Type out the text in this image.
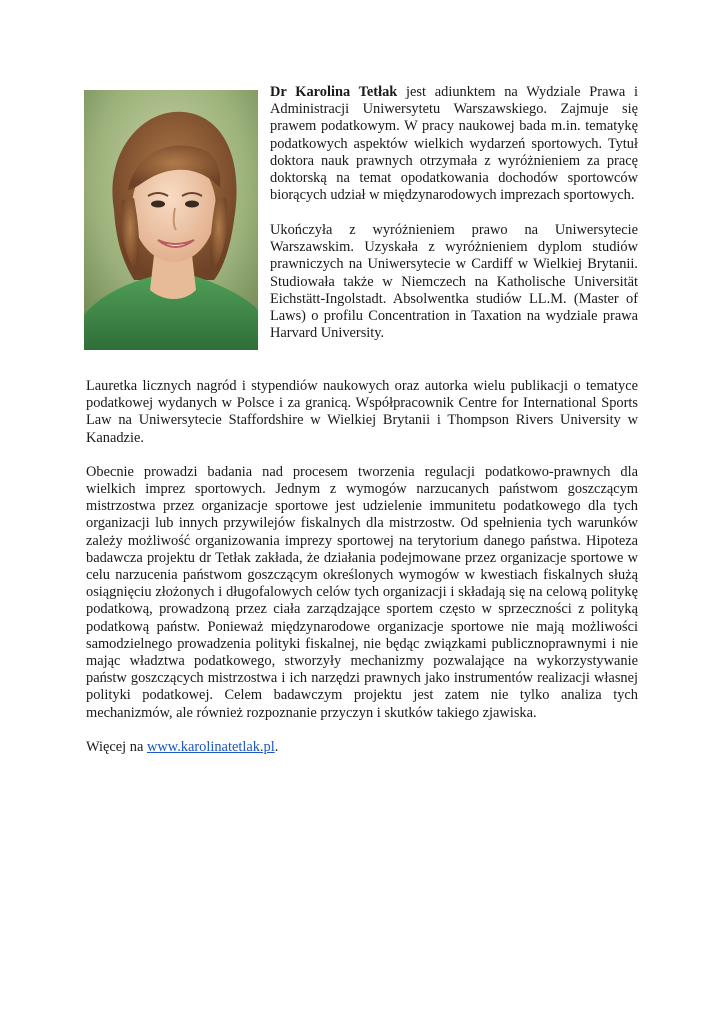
Dr Karolina Tetłak jest adiunktem na Wydziale Prawa i Administracji Uniwersytetu Warszawskiego. Zajmuje się prawem podatkowym. W pracy naukowej bada m.in. tematykę podatkowych aspektów wielkich wydarzeń sportowych. Tytuł doktora nauk prawnych otrzymała z wyróżnieniem za pracę doktorską na temat opodatkowania dochodów sportowców biorących udział w międzynarodowych imprezach sportowych.

Ukończyła z wyróżnieniem prawo na Uniwersytecie Warszawskim. Uzyskała z wyróżnieniem dyplom studiów prawniczych na Uniwersytecie w Cardiff w Wielkiej Brytanii. Studiowała także w Niemczech na Katholische Universität Eichstätt-Ingolstadt. Absolwentka studiów LL.M. (Master of Laws) o profilu Concentration in Taxation na wydziale prawa Harvard University.

Lauretka licznych nagród i stypendiów naukowych oraz autorka wielu publikacji o tematyce podatkowej wydanych w Polsce i za granicą. Współpracownik Centre for International Sports Law na Uniwersytecie Staffordshire w Wielkiej Brytanii i Thompson Rivers University w Kanadzie.

Obecnie prowadzi badania nad procesem tworzenia regulacji podatkowo-prawnych dla wielkich imprez sportowych. Jednym z wymogów narzucanych państwom goszczącym mistrzostwa przez organizacje sportowe jest udzielenie immunitetu podatkowego dla tych organizacji lub innych przywilejów fiskalnych dla mistrzostw. Od spełnienia tych warunków zależy możliwość organizowania imprezy sportowej na terytorium danego państwa. Hipoteza badawcza projektu dr Tetłak zakłada, że działania podejmowane przez organizacje sportowe w celu narzucenia państwom goszczącym określonych wymogów w kwestiach fiskalnych służą osiągnięciu złożonych i długofalowych celów tych organizacji i składają się na celową politykę podatkową, prowadzoną przez ciała zarządzające sportem często w sprzeczności z polityką podatkową państw. Ponieważ międzynarodowe organizacje sportowe nie mają możliwości samodzielnego prowadzenia polityki fiskalnej, nie będąc związkami publicznoprawnymi i nie mając władztwa podatkowego, stworzyły mechanizmy pozwalające na wykorzystywanie państw goszczących mistrzostwa i ich narzędzi prawnych jako instrumentów realizacji własnej polityki podatkowej. Celem badawczym projektu jest zatem nie tylko analiza tych mechanizmów, ale również rozpoznanie przyczyn i skutków takiego zjawiska.

Więcej na www.karolinatetlak.pl.
